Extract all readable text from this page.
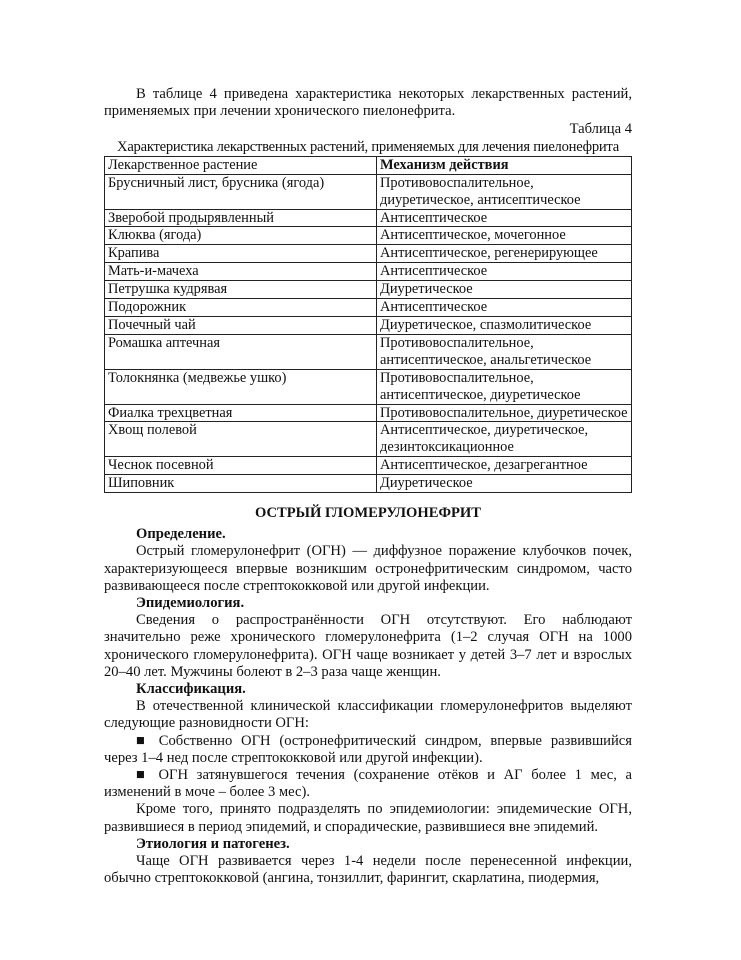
В таблице 4 приведена характеристика некоторых лекарственных растений, применяемых при лечении хронического пиелонефрита.

Таблица 4

Характеристика лекарственных растений, применяемых для лечения пиелонефрита

Лекарственное растение	Механизм действия
Брусничный лист, брусника (ягода)	Противовоспалительное, диуретическое, антисептическое
Зверобой продырявленный	Антисептическое
Клюква (ягода)	Антисептическое, мочегонное
Крапива	Антисептическое, регенерирующее
Мать-и-мачеха	Антисептическое
Петрушка кудрявая	Диуретическое
Подорожник	Антисептическое
Почечный чай	Диуретическое, спазмолитическое
Ромашка аптечная	Противовоспалительное, антисептическое, анальгетическое
Толокнянка (медвежье ушко)	Противовоспалительное, антисептическое, диуретическое
Фиалка трехцветная	Противовоспалительное, диуретическое
Хвощ полевой	Антисептическое, диуретическое, дезинтоксикационное
Чеснок посевной	Антисептическое, дезагрегантное
Шиповник	Диуретическое

ОСТРЫЙ ГЛОМЕРУЛОНЕФРИТ

Определение.

Острый гломерулонефрит (ОГН) — диффузное поражение клубочков почек, характеризующееся впервые возникшим остронефритическим синдромом, часто развивающееся после стрептококковой или другой инфекции.

Эпидемиология.

Сведения о распространённости ОГН отсутствуют. Его наблюдают значительно реже хронического гломерулонефрита (1–2 случая ОГН на 1000 хронического гломерулонефрита). ОГН чаще возникает у детей 3–7 лет и взрослых 20–40 лет. Мужчины болеют в 2–3 раза чаще женщин.

Классификация.

В отечественной клинической классификации гломерулонефритов выделяют следующие разновидности ОГН:

■ Собственно ОГН (остронефритический синдром, впервые развившийся через 1–4 нед после стрептококковой или другой инфекции).

■ ОГН затянувшегося течения (сохранение отёков и АГ более 1 мес, а изменений в моче – более 3 мес).

Кроме того, принято подразделять по эпидемиологии: эпидемические ОГН, развившиеся в период эпидемий, и спорадические, развившиеся вне эпидемий.

Этиология и патогенез.

Чаще ОГН развивается через 1-4 недели после перенесенной инфекции, обычно стрептококковой (ангина, тонзиллит, фарингит, скарлатина, пиодермия,
